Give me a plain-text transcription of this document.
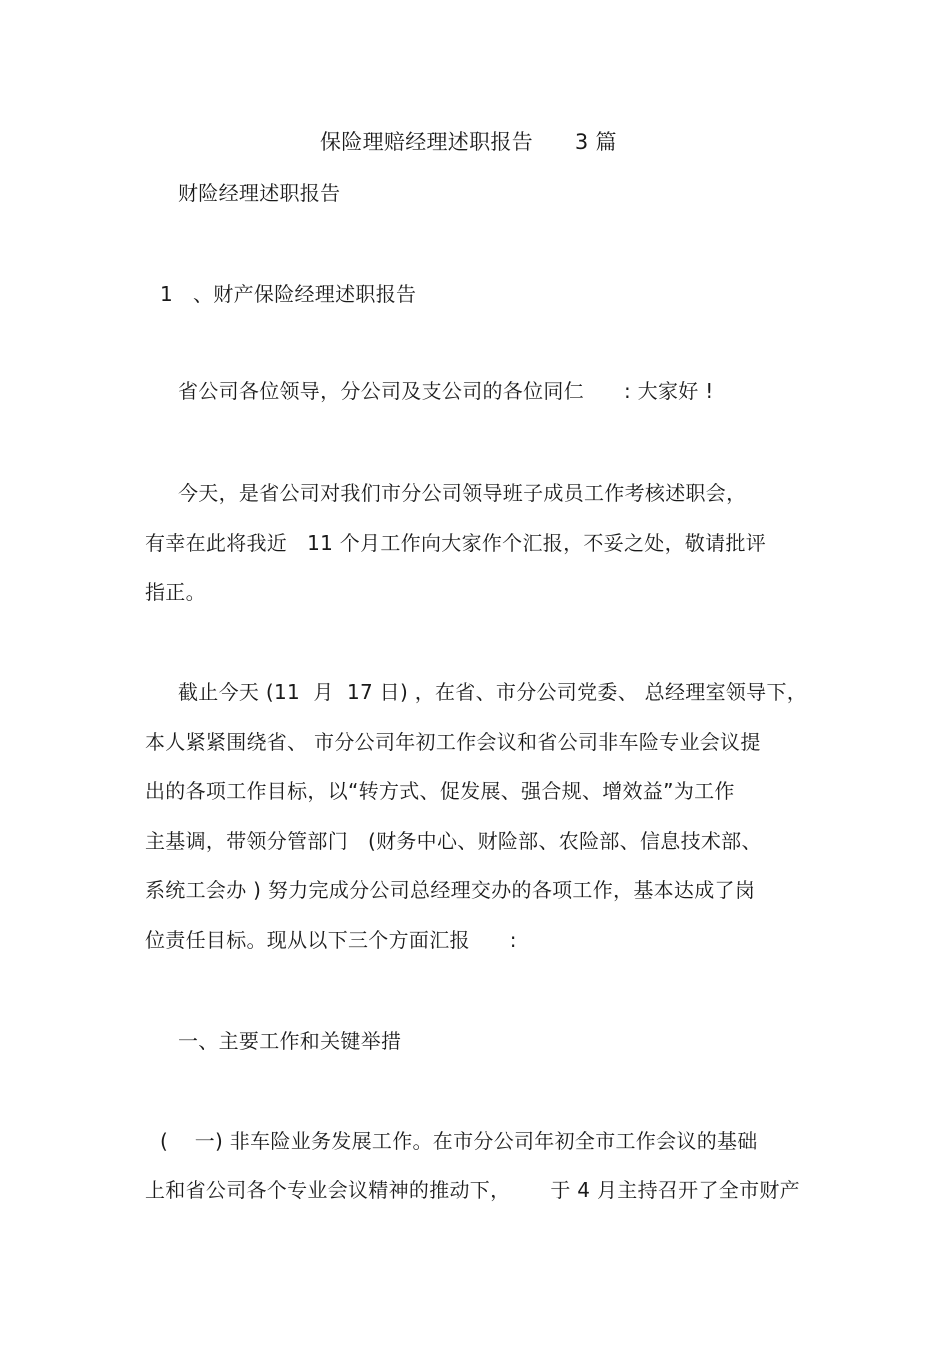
保险理赔经理述职报告      3 篇
财险经理述职报告
1   、财产保险经理述职报告
省公司各位领导，分公司及支公司的各位同仁      : 大家好 !
今天，是省公司对我们市分公司领导班子成员工作考核述职会，
有幸在此将我近   11 个月工作向大家作个汇报，不妥之处，敬请批评
指正。
截止今天 (11  月  17 日) ，在省、市分公司党委、 总经理室领导下，
本人紧紧围绕省、 市分公司年初工作会议和省公司非车险专业会议提
出的各项工作目标，以“转方式、促发展、强合规、增效益”为工作
主基调，带领分管部门   (财务中心、财险部、农险部、信息技术部、
系统工会办 ) 努力完成分公司总经理交办的各项工作，基本达成了岗
位责任目标。现从以下三个方面汇报      :
一、主要工作和关键举措
(    一) 非车险业务发展工作。在市分公司年初全市工作会议的基础
上和省公司各个专业会议精神的推动下，      于 4 月主持召开了全市财产
